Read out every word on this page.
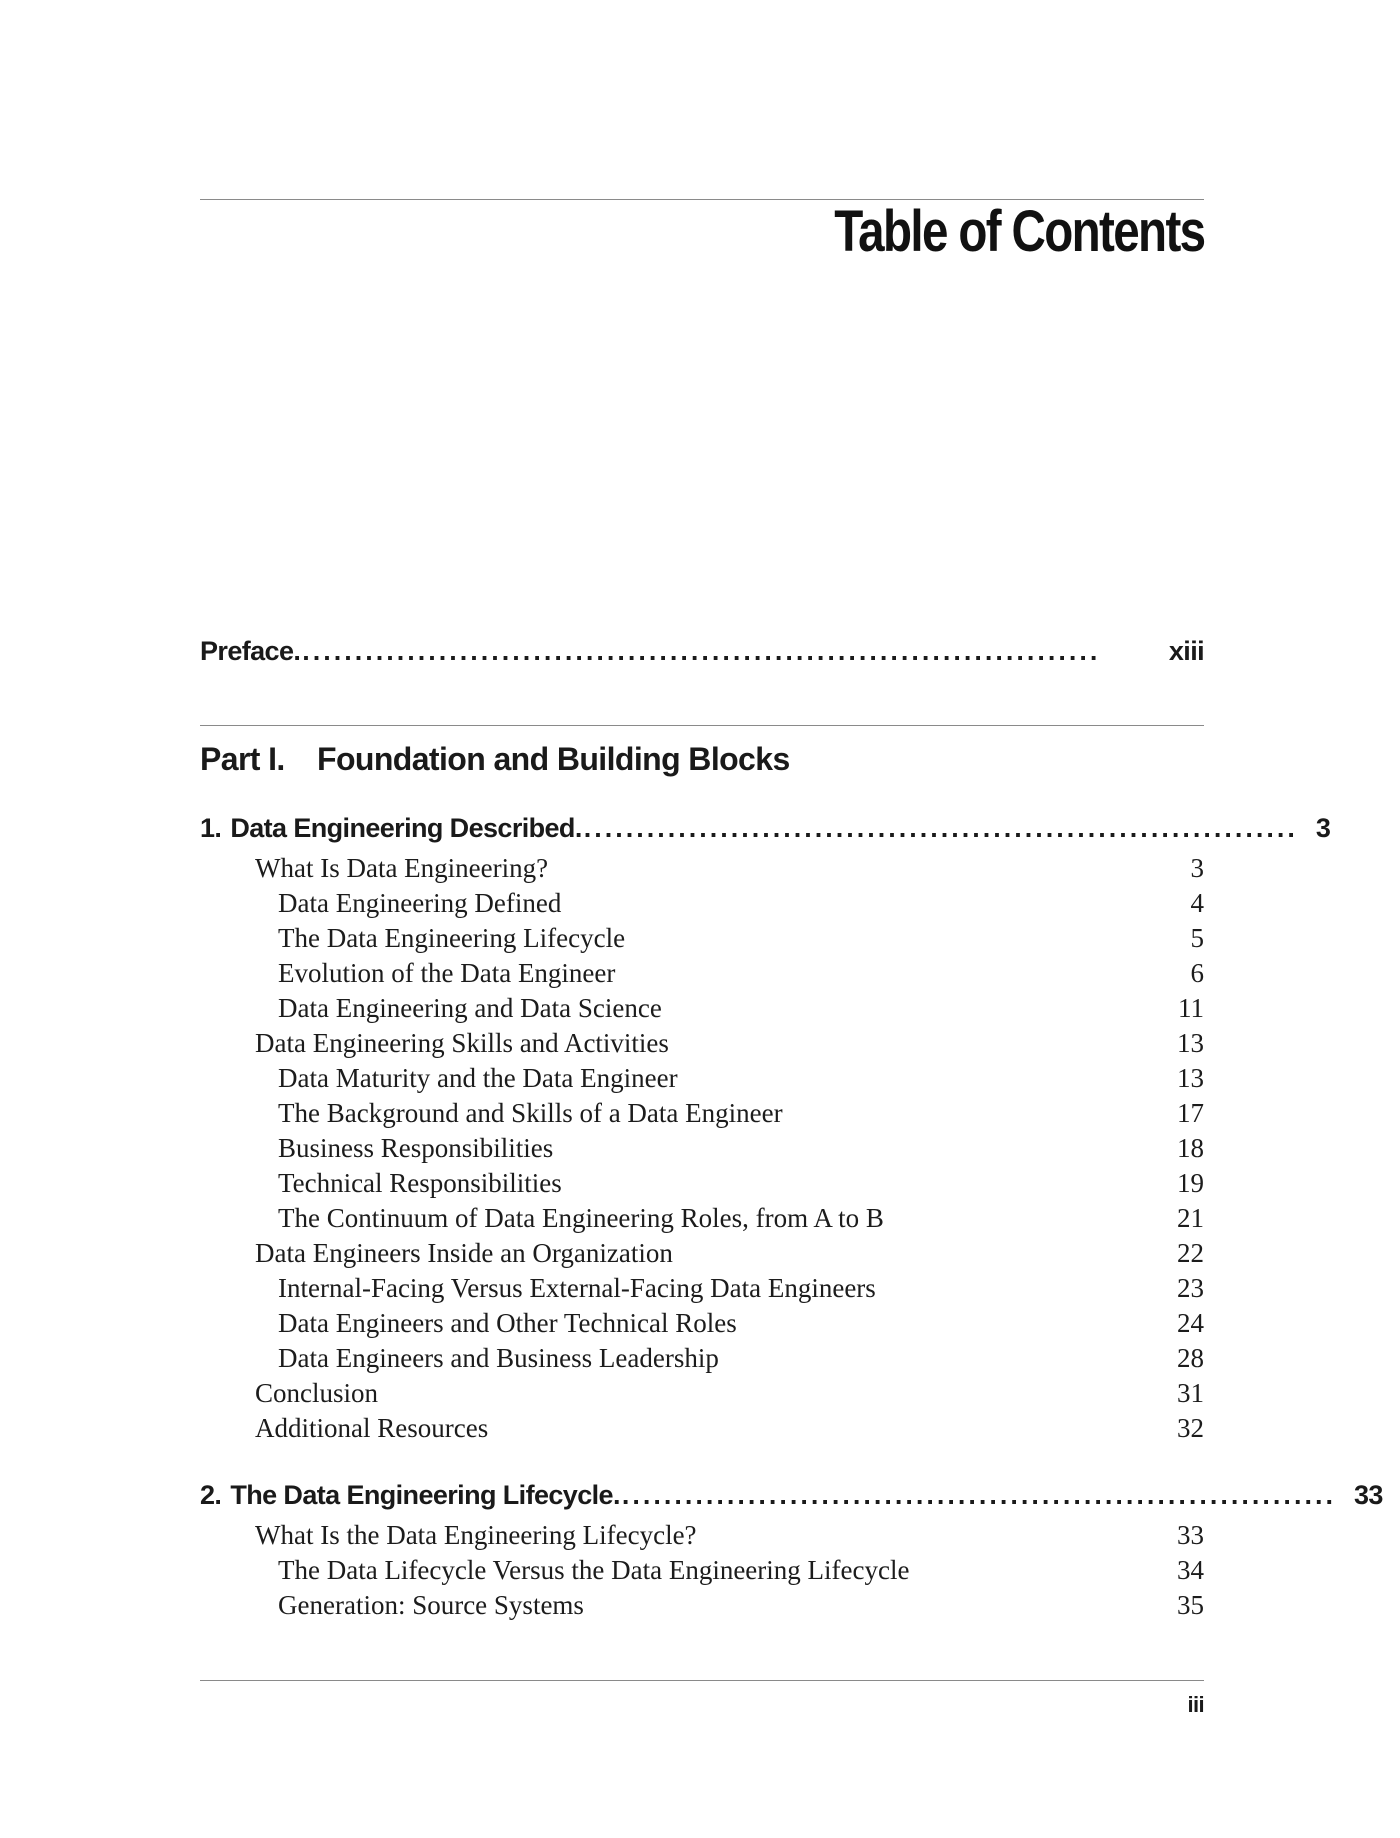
Table of Contents
Preface. ............................................................................	xiii
Part I.	Foundation and Building Blocks
1. Data Engineering Described. .................................................................... 3
What Is Data Engineering?	3
Data Engineering Defined	4
The Data Engineering Lifecycle	5
Evolution of the Data Engineer	6
Data Engineering and Data Science	11
Data Engineering Skills and Activities	13
Data Maturity and the Data Engineer	13
The Background and Skills of a Data Engineer	17
Business Responsibilities	18
Technical Responsibilities	19
The Continuum of Data Engineering Roles, from A to B	21
Data Engineers Inside an Organization	22
Internal-Facing Versus External-Facing Data Engineers	23
Data Engineers and Other Technical Roles	24
Data Engineers and Business Leadership	28
Conclusion	31
Additional Resources	32
2. The Data Engineering Lifecycle. .................................................................... 33
What Is the Data Engineering Lifecycle?	33
The Data Lifecycle Versus the Data Engineering Lifecycle	34
Generation: Source Systems	35
iii
